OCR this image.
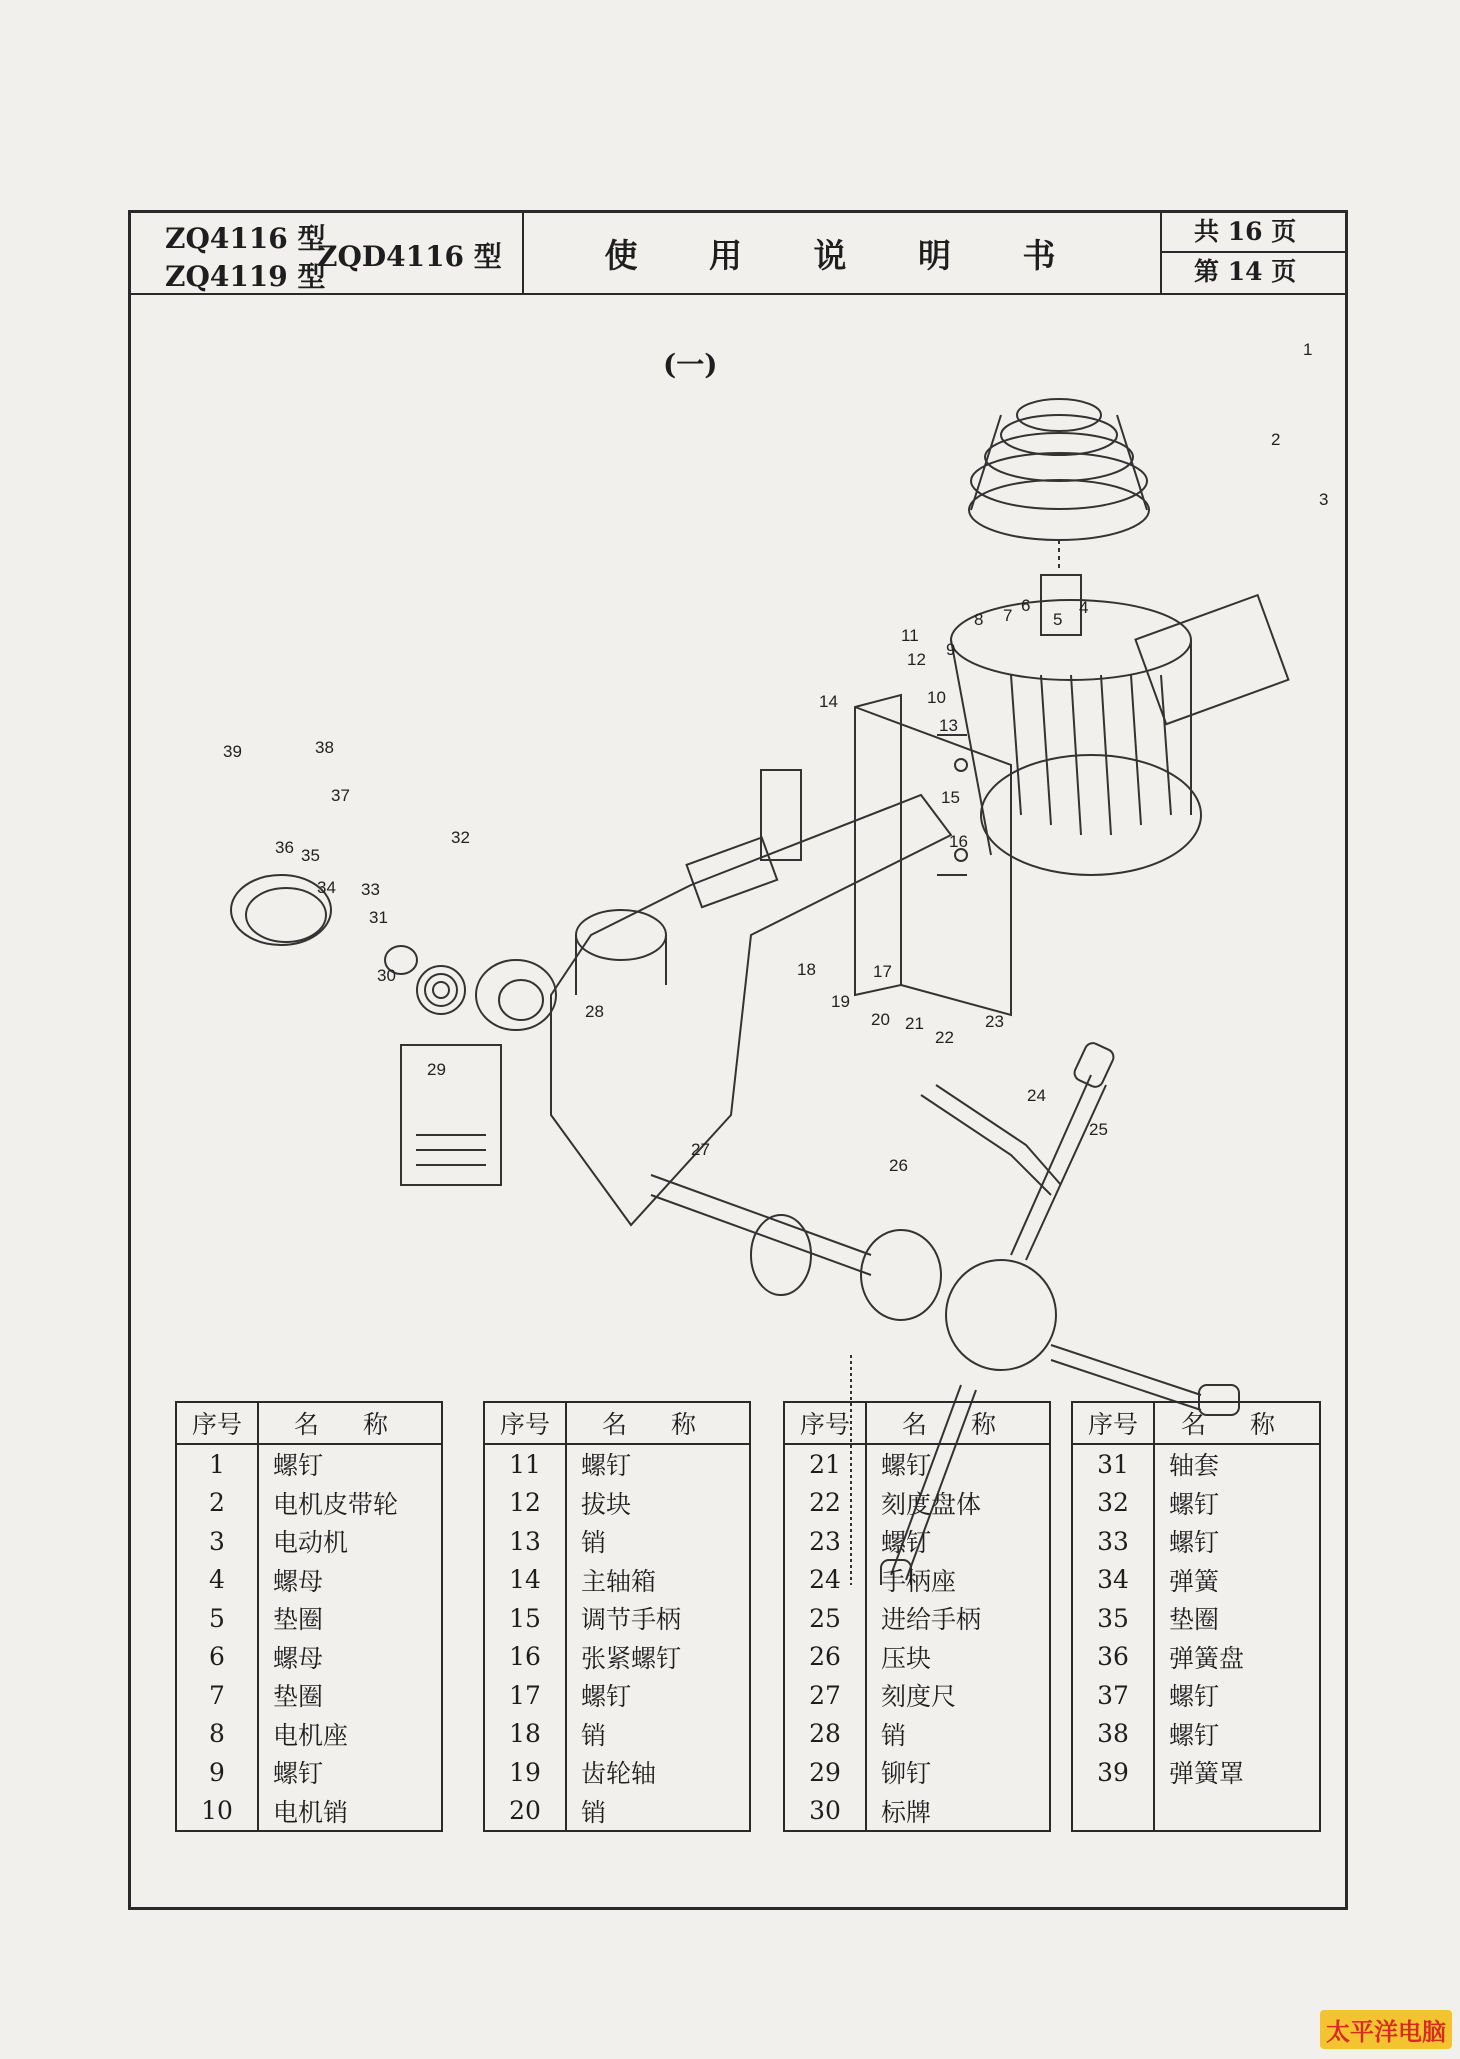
ZQ4116 型
ZQ4119 型
ZQD4116 型	使 用 说 明 书
共 16 页
第 14 页
(一)	1
2
3
4
5
6
7
8
9
10
11
12
13
14
15
16
17
18
19
20 21
22
23
24
25
26
27
28
29
30
31
32
33
34
35
36
37
38
39
序号	名 称
1	螺钉
2	电机皮带轮
3	电动机
4	螺母
5	垫圈
6	螺母
7	垫圈
8	电机座
9	螺钉
10	电机销
序号	名 称
11	螺钉
12	拔块
13	销
14	主轴箱
15	调节手柄
16	张紧螺钉
17	螺钉
18	销
19	齿轮轴
20	销
序号	名 称
21	螺钉
22	刻度盘体
23	螺钉
24	手柄座
25	进给手柄
26	压块
27	刻度尺
28	销
29	铆钉
30	标牌
序号	名 称
31	轴套
32	螺钉
33	螺钉
34	弹簧
35	垫圈
36	弹簧盘
37	螺钉
38	螺钉
39	弹簧罩

太平洋电脑
